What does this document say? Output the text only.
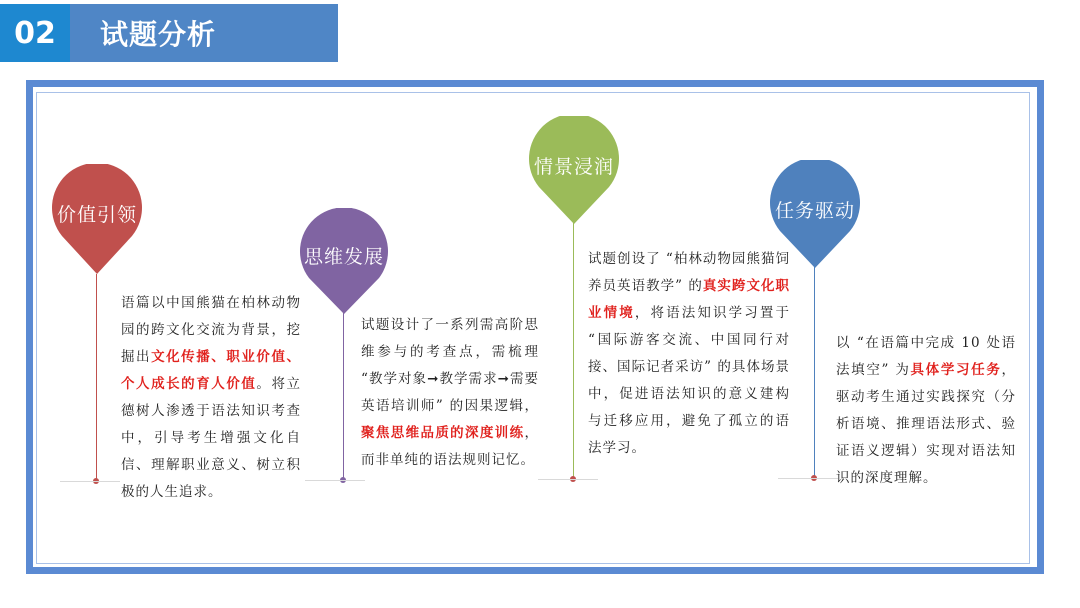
02	试题分析
价值引领
思维发展
情景浸润
任务驱动
语篇以中国熊猫在柏林动物园的跨文化交流为背景，挖掘出文化传播、职业价值、个人成长的育人价值。将立德树人渗透于语法知识考查中，引导考生增强文化自信、理解职业意义、树立积极的人生追求。
试题设计了一系列需高阶思维参与的考查点，需梳理 “教学对象➞教学需求➞需要英语培训师” 的因果逻辑，聚焦思维品质的深度训练，而非单纯的语法规则记忆。
试题创设了 “柏林动物园熊猫饲养员英语教学” 的真实跨文化职业情境，将语法知识学习置于 “国际游客交流、中国同行对接、国际记者采访” 的具体场景中，促进语法知识的意义建构与迁移应用，避免了孤立的语法学习。
以 “在语篇中完成 10 处语法填空” 为具体学习任务，驱动考生通过实践探究（分析语境、推理语法形式、验证语义逻辑）实现对语法知识的深度理解。
